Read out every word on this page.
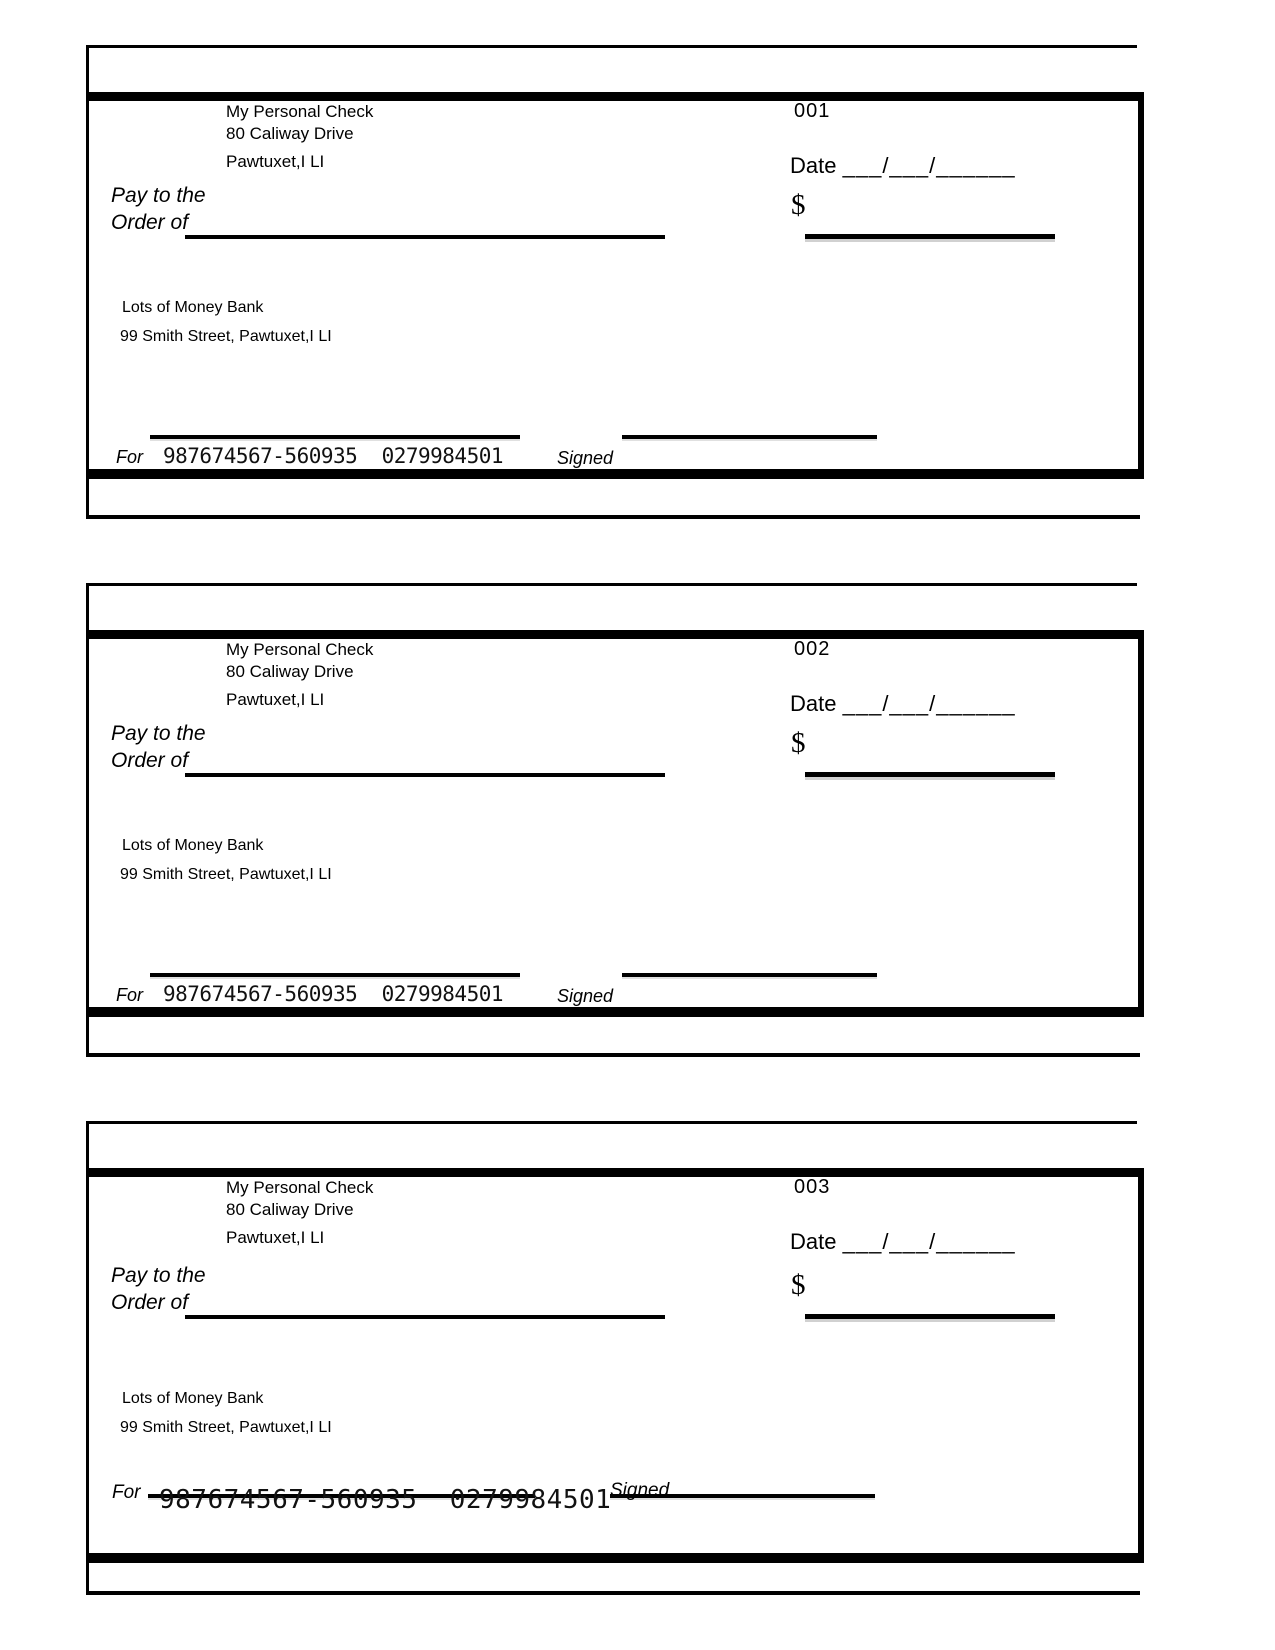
My Personal Check
80 Caliway Drive
Pawtuxet,I LI
001
Date ___/___/______
Pay to the
Order of
$
Lots of Money Bank
99 Smith Street, Pawtuxet,I LI
For 987674567-560935  0279984501	Signed
My Personal Check
80 Caliway Drive
Pawtuxet,I LI
002
Date ___/___/______
Pay to the
Order of
$
Lots of Money Bank
99 Smith Street, Pawtuxet,I LI
For 987674567-560935  0279984501	Signed
My Personal Check
80 Caliway Drive
Pawtuxet,I LI
003
Date ___/___/______
Pay to the
Order of
$
Lots of Money Bank
99 Smith Street, Pawtuxet,I LI
For 987674567-560935  0279984501
Signed
